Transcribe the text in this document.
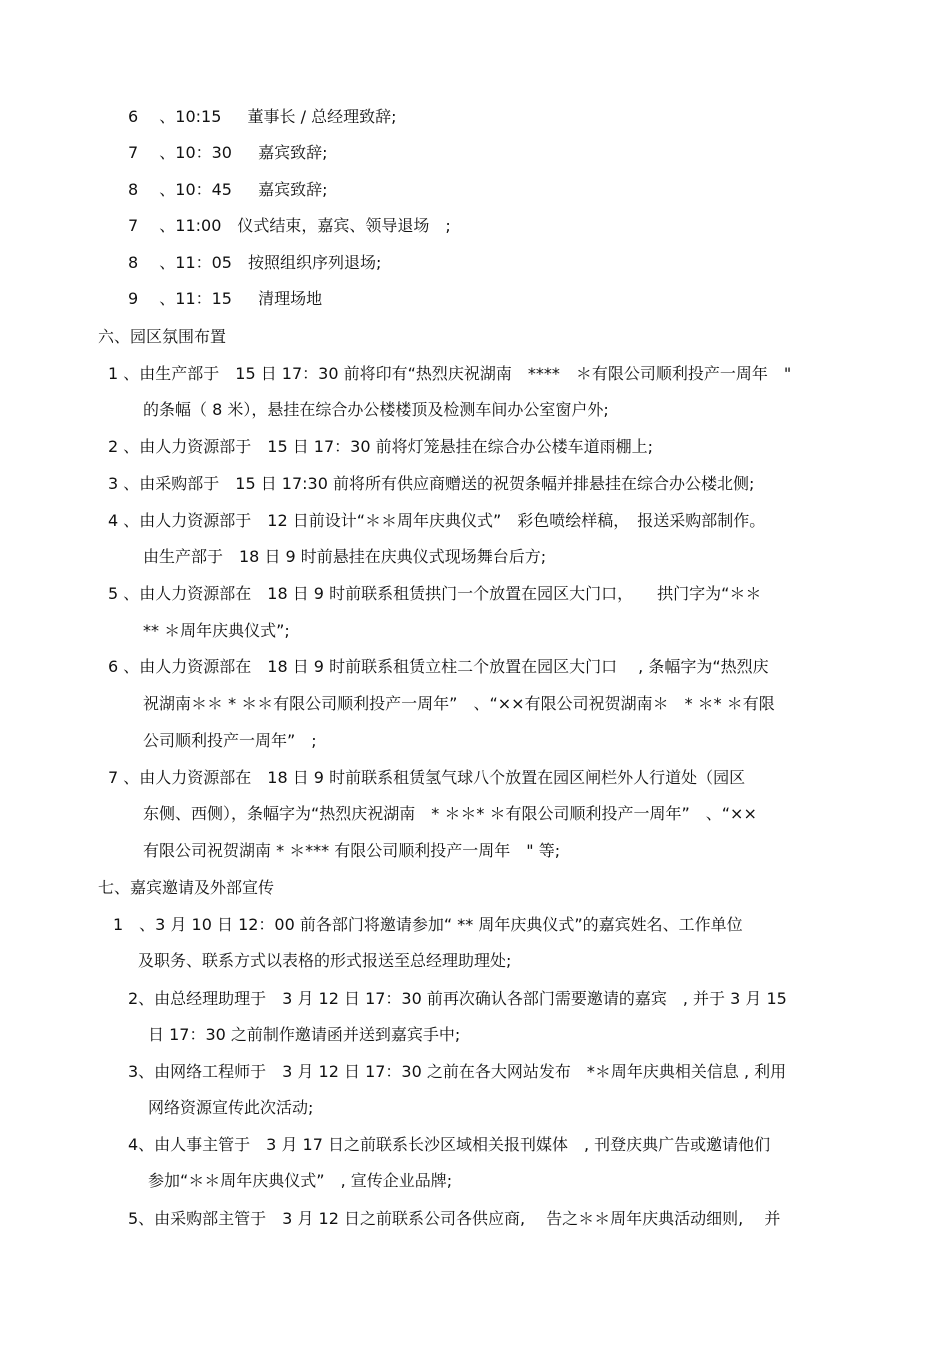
6　 、10:15　  董事长 / 总经理致辞;
7　 、10：30　  嘉宾致辞;
8　 、10：45　  嘉宾致辞;
7　 、11:00　仪式结束，嘉宾、领导退场　;
8　 、11：05　按照组织序列退场;
9　 、11：15　  清理场地
六、园区氛围布置
1 、由生产部于　15 日 17：30 前将印有“热烈庆祝湖南　****　＊有限公司顺利投产一周年　"
的条幅（ 8 米），悬挂在综合办公楼楼顶及检测车间办公室窗户外;
2 、由人力资源部于　15 日 17：30 前将灯笼悬挂在综合办公楼车道雨棚上;
3 、由采购部于　15 日 17:30 前将所有供应商赠送的祝贺条幅并排悬挂在综合办公楼北侧;
4 、由人力资源部于　12 日前设计“＊＊周年庆典仪式”　彩色喷绘样稿，　报送采购部制作。
由生产部于　18 日 9 时前悬挂在庆典仪式现场舞台后方;
5 、由人力资源部在　18 日 9 时前联系租赁拱门一个放置在园区大门口，　　拱门字为“＊＊
** ＊周年庆典仪式”;
6 、由人力资源部在　18 日 9 时前联系租赁立柱二个放置在园区大门口　 , 条幅字为“热烈庆
祝湖南＊＊ * ＊＊有限公司顺利投产一周年”　、“××有限公司祝贺湖南＊　* ＊* ＊有限
公司顺利投产一周年”　;
7 、由人力资源部在　18 日 9 时前联系租赁氢气球八个放置在园区闸栏外人行道处（园区
东侧、西侧），条幅字为“热烈庆祝湖南　* ＊＊* ＊有限公司顺利投产一周年”　、“××
有限公司祝贺湖南 * ＊*** 有限公司顺利投产一周年　" 等;
七、嘉宾邀请及外部宣传
1　、3 月 10 日 12：00 前各部门将邀请参加“ ** 周年庆典仪式”的嘉宾姓名、工作单位
及职务、联系方式以表格的形式报送至总经理助理处;
2、由总经理助理于　3 月 12 日 17：30 前再次确认各部门需要邀请的嘉宾　, 并于 3 月 15
日 17：30 之前制作邀请函并送到嘉宾手中;
3、由网络工程师于　3 月 12 日 17：30 之前在各大网站发布　*＊周年庆典相关信息 , 利用
网络资源宣传此次活动;
4、由人事主管于　3 月 17 日之前联系长沙区域相关报刊媒体　, 刊登庆典广告或邀请他们
参加“＊＊周年庆典仪式”　, 宣传企业品牌;
5、由采购部主管于　3 月 12 日之前联系公司各供应商,　 告之＊＊周年庆典活动细则,　 并
